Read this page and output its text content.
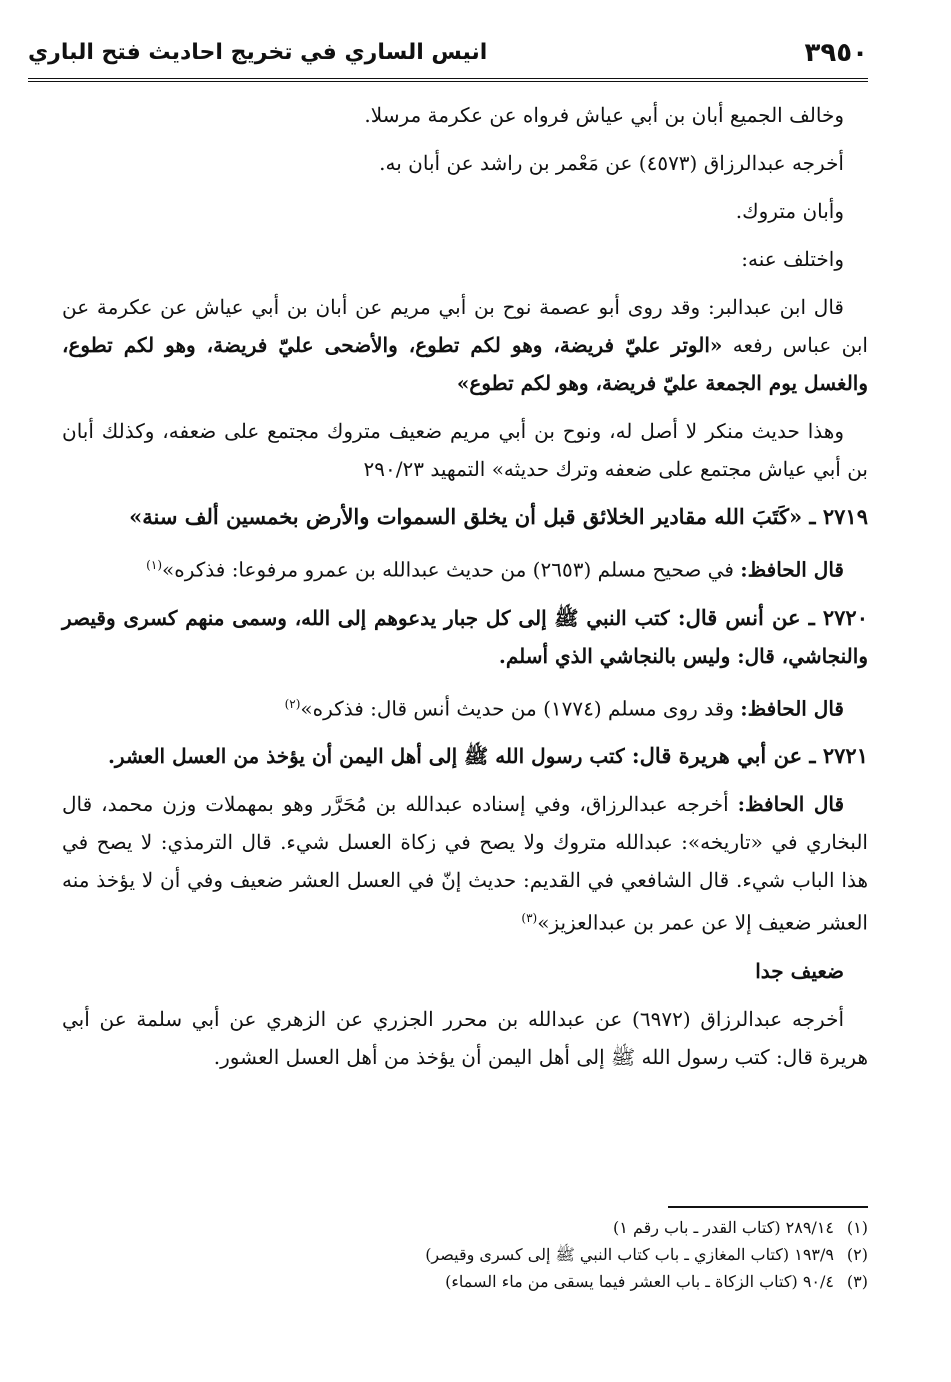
انيس الساري في تخريج احاديث فتح الباري	٣٩٥٠

وخالف الجميع أبان بن أبي عياش فرواه عن عكرمة مرسلا.

أخرجه عبدالرزاق (٤٥٧٣) عن مَعْمر بن راشد عن أبان به.

وأبان متروك.

واختلف عنه:

قال ابن عبدالبر: وقد روى أبو عصمة نوح بن أبي مريم عن أبان بن أبي عياش عن عكرمة عن ابن عباس رفعه «الوتر عليّ فريضة، وهو لكم تطوع، والأضحى عليّ فريضة، وهو لكم تطوع، والغسل يوم الجمعة عليّ فريضة، وهو لكم تطوع»

وهذا حديث منكر لا أصل له، ونوح بن أبي مريم ضعيف متروك مجتمع على ضعفه، وكذلك أبان بن أبي عياش مجتمع على ضعفه وترك حديثه» التمهيد ٢٩٠/٢٣

٢٧١٩ ـ «كَتَبَ الله مقادير الخلائق قبل أن يخلق السموات والأرض بخمسين ألف سنة»

قال الحافظ: في صحيح مسلم (٢٦٥٣) من حديث عبدالله بن عمرو مرفوعا: فذكره»$^{(١)}$

٢٧٢٠ ـ عن أنس قال: كتب النبي ﷺ إلى كل جبار يدعوهم إلى الله، وسمى منهم كسرى وقيصر والنجاشي، قال: وليس بالنجاشي الذي أسلم.

قال الحافظ: وقد روى مسلم (١٧٧٤) من حديث أنس قال: فذكره»$^{(٢)}$

٢٧٢١ ـ عن أبي هريرة قال: كتب رسول الله ﷺ إلى أهل اليمن أن يؤخذ من العسل العشر.

قال الحافظ: أخرجه عبدالرزاق، وفي إسناده عبدالله بن مُحَرَّر وهو بمهملات وزن محمد، قال البخاري في «تاريخه»: عبدالله متروك ولا يصح في زكاة العسل شيء. قال الترمذي: لا يصح في هذا الباب شيء. قال الشافعي في القديم: حديث إنّ في العسل العشر ضعيف وفي أن لا يؤخذ منه العشر ضعيف إلا عن عمر بن عبدالعزيز»$^{(٣)}$

ضعيف جدا

أخرجه عبدالرزاق (٦٩٧٢) عن عبدالله بن محرر الجزري عن الزهري عن أبي سلمة عن أبي هريرة قال: كتب رسول الله ﷺ إلى أهل اليمن أن يؤخذ من أهل العسل العشور.

(١)٢٨٩/١٤ (كتاب القدر ـ باب رقم ١)
(٢)١٩٣/٩ (كتاب المغازي ـ باب كتاب النبي ﷺ إلى كسرى وقيصر)
(٣)٩٠/٤ (كتاب الزكاة ـ باب العشر فيما يسقى من ماء السماء)
